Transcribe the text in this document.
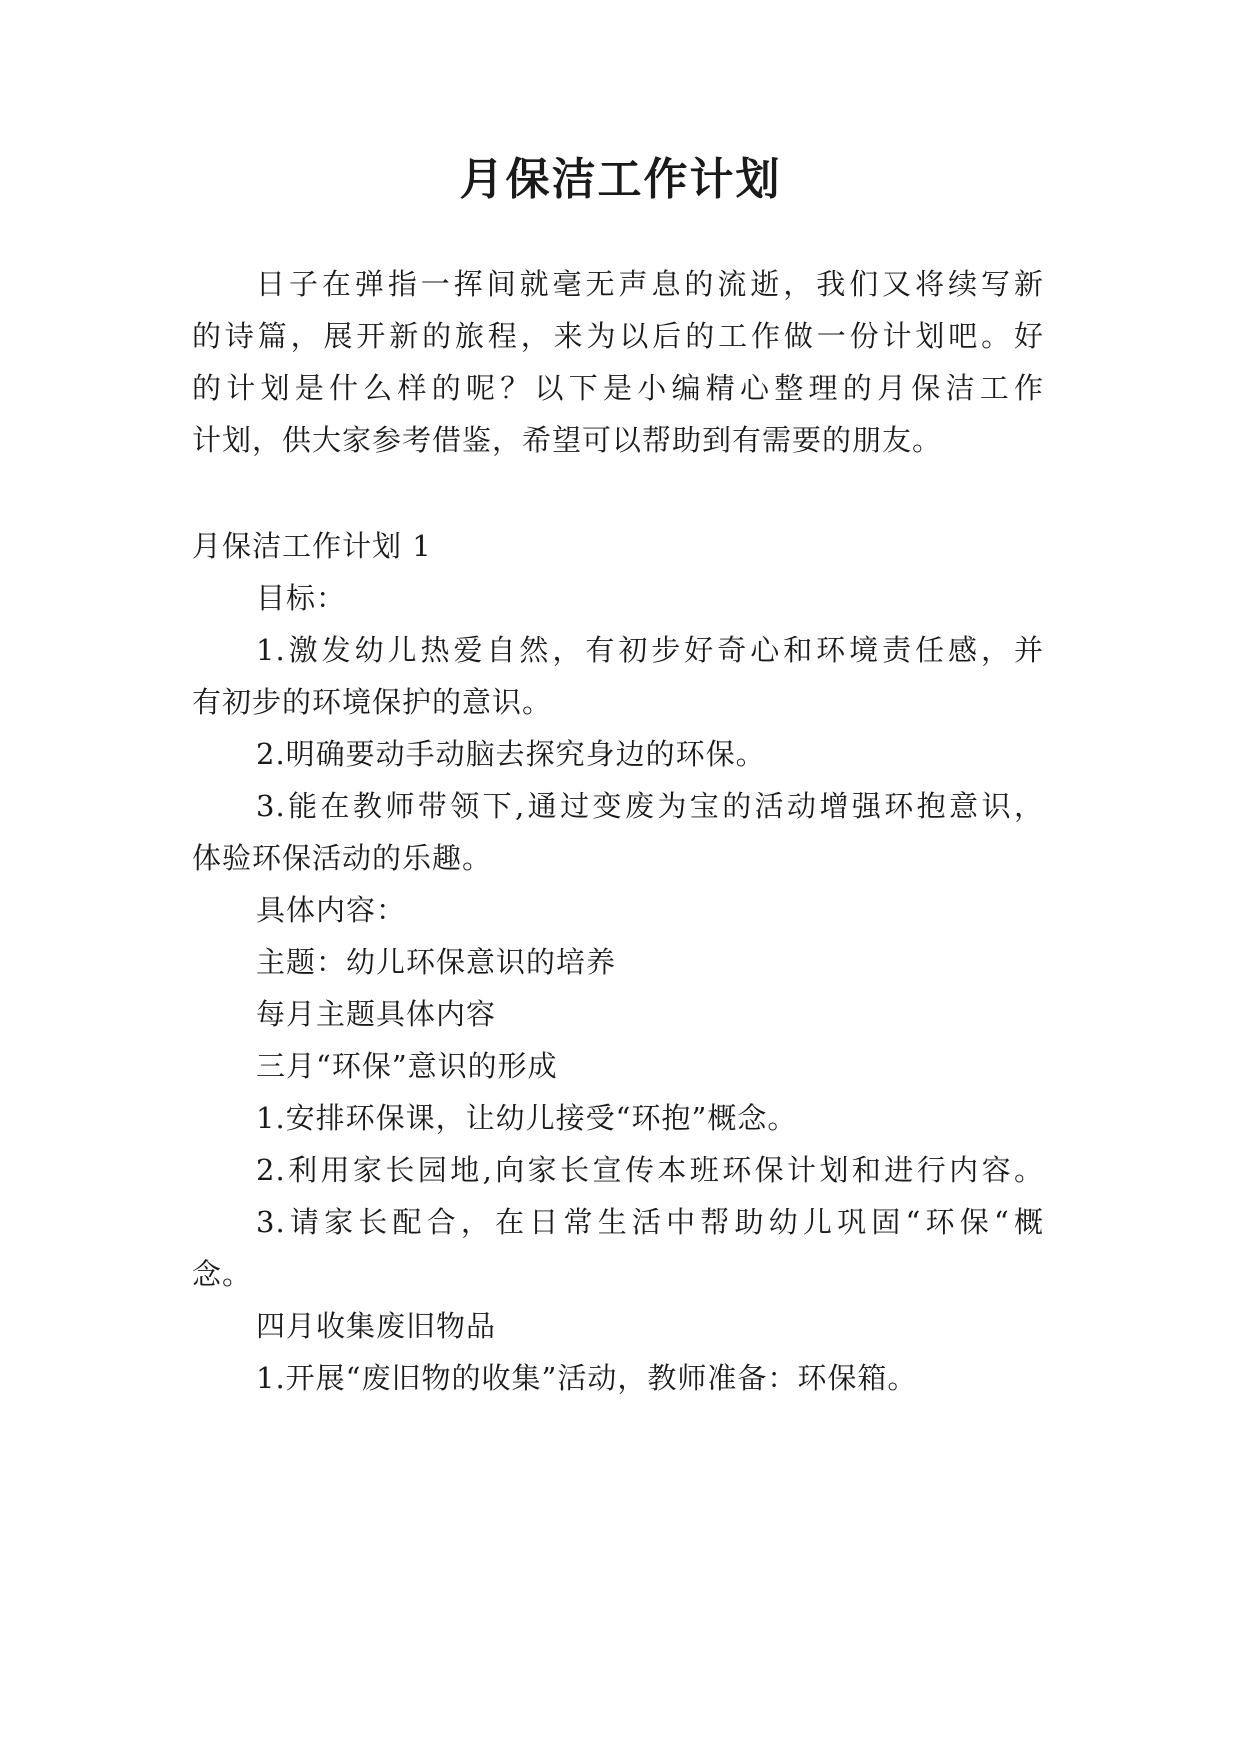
月保洁工作计划
日子在弹指一挥间就毫无声息的流逝，我们又将续写新
的诗篇，展开新的旅程，来为以后的工作做一份计划吧。好
的计划是什么样的呢？以下是小编精心整理的月保洁工作
计划，供大家参考借鉴，希望可以帮助到有需要的朋友。
月保洁工作计划 1
目标：
1.激发幼儿热爱自然，有初步好奇心和环境责任感，并
有初步的环境保护的意识。
2.明确要动手动脑去探究身边的环保。
3.能在教师带领下,通过变废为宝的活动增强环抱意识，
体验环保活动的乐趣。
具体内容：
主题：幼儿环保意识的培养
每月主题具体内容
三月“环保”意识的形成
1.安排环保课，让幼儿接受“环抱”概念。
2.利用家长园地,向家长宣传本班环保计划和进行内容。
3.请家长配合，在日常生活中帮助幼儿巩固“环保“概
念。
四月收集废旧物品
1.开展“废旧物的收集”活动，教师准备：环保箱。
